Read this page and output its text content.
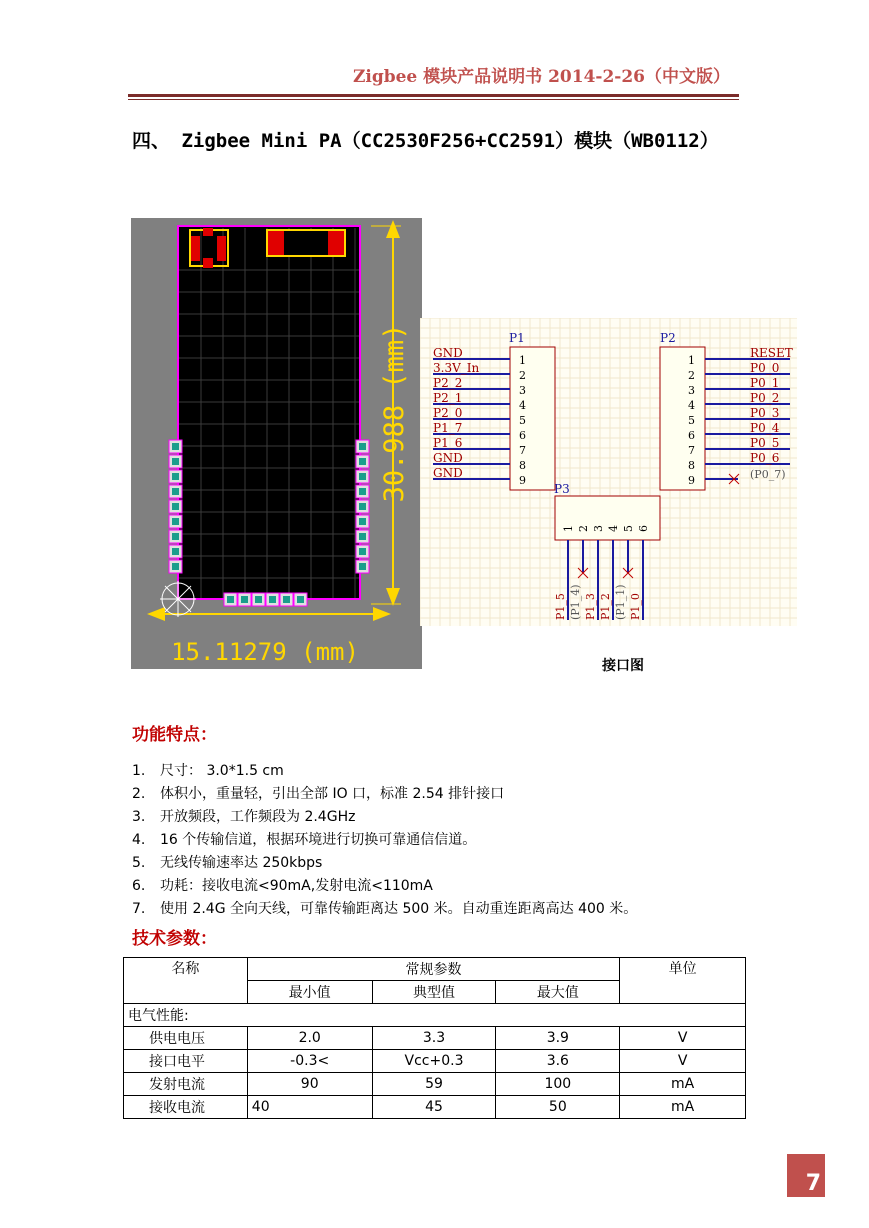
Zigbee 模块产品说明书 2014-2-26（中文版）
四、 Zigbee Mini PA（CC2530F256+CC2591）模块（WB0112）
30.988 (mm)
15.11279 (mm)
P1	P2
P3
GND
1
3.3V_In
2
P2_2
3
P2_1
4
P2_0
5
P1_7
6
P1_6
7
GND
8
GND
9
RESET
1
P0_0
2
P0_1
3
P0_2
4
P0_3
5
P0_4
6
P0_5
7
P0_6
8
(P0_7)
9
P1_5
1
(P1_4)
2
P1_3
3
P1_2
4
(P1_1)
5
P1_0
6
接口图
功能特点：
1. 尺寸： 3.0*1.5 cm
2. 体积小，重量轻，引出全部 IO 口，标准 2.54 排针接口
3. 开放频段，工作频段为 2.4GHz
4. 16 个传输信道，根据环境进行切换可靠通信信道。
5. 无线传输速率达 250kbps
6. 功耗：接收电流<90mA,发射电流<110mA
7. 使用 2.4G 全向天线，可靠传输距离达 500 米。自动重连距离高达 400 米。
技术参数：
名称	常规参数			单位
	最小值	典型值	最大值	
电气性能:				
供电电压	2.0	3.3	3.9	V
接口电平	-0.3<	Vcc+0.3	3.6	V
发射电流	90	59	100	mA
接收电流	40	45	50	mA
7
